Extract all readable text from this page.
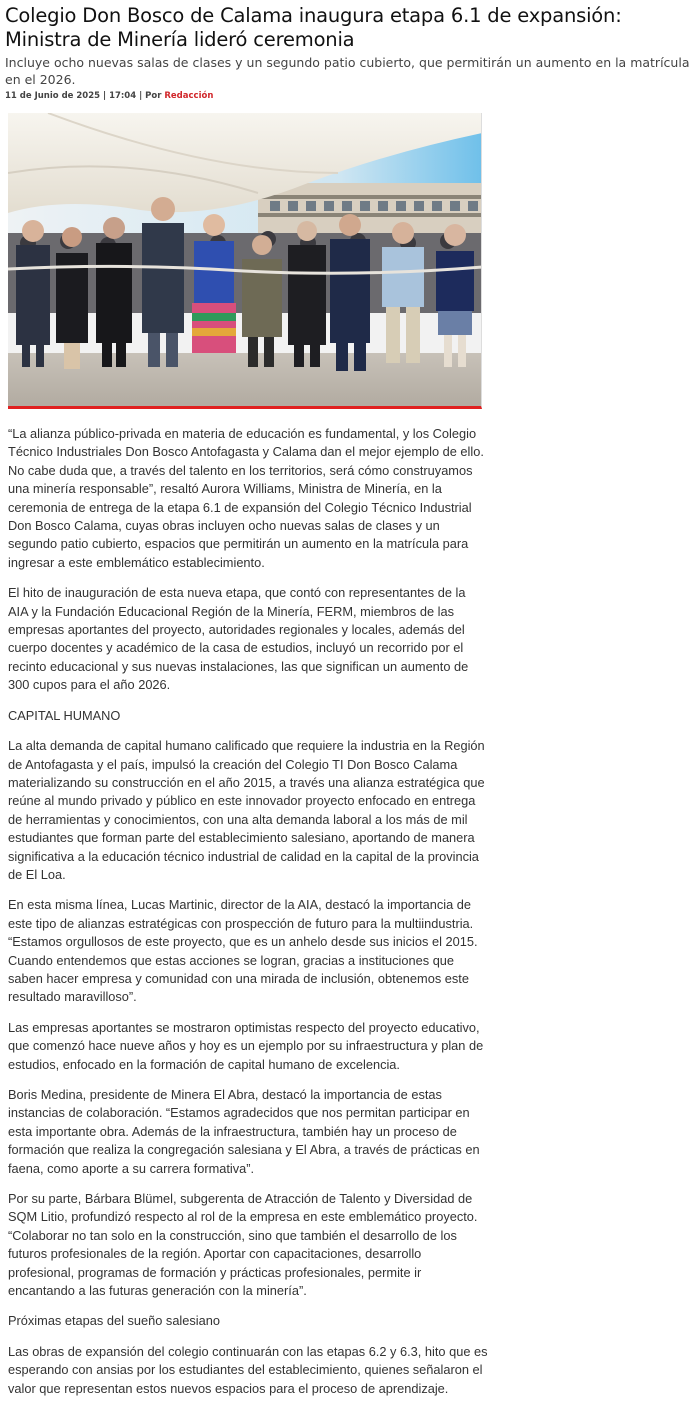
Colegio Don Bosco de Calama inaugura etapa 6.1 de expansión: Ministra de Minería lideró ceremonia
Incluye ocho nuevas salas de clases y un segundo patio cubierto, que permitirán un aumento en la matrícula en el 2026.
11 de Junio de 2025 | 17:04 | Por Redacción

“La alianza público-privada en materia de educación es fundamental, y los Colegio Técnico Industriales Don Bosco Antofagasta y Calama dan el mejor ejemplo de ello. No cabe duda que, a través del talento en los territorios, será cómo construyamos una minería responsable”, resaltó Aurora Williams, Ministra de Minería, en la ceremonia de entrega de la etapa 6.1 de expansión del Colegio Técnico Industrial Don Bosco Calama, cuyas obras incluyen ocho nuevas salas de clases y un segundo patio cubierto, espacios que permitirán un aumento en la matrícula para ingresar a este emblemático establecimiento.

El hito de inauguración de esta nueva etapa, que contó con representantes de la AIA y la Fundación Educacional Región de la Minería, FERM, miembros de las empresas aportantes del proyecto, autoridades regionales y locales, además del cuerpo docentes y académico de la casa de estudios, incluyó un recorrido por el recinto educacional y sus nuevas instalaciones, las que significan un aumento de 300 cupos para el año 2026.

CAPITAL HUMANO

La alta demanda de capital humano calificado que requiere la industria en la Región de Antofagasta y el país, impulsó la creación del Colegio TI Don Bosco Calama materializando su construcción en el año 2015, a través una alianza estratégica que reúne al mundo privado y público en este innovador proyecto enfocado en entrega de herramientas y conocimientos, con una alta demanda laboral a los más de mil estudiantes que forman parte del establecimiento salesiano, aportando de manera significativa a la educación técnico industrial de calidad en la capital de la provincia de El Loa.

En esta misma línea, Lucas Martinic, director de la AIA, destacó la importancia de este tipo de alianzas estratégicas con prospección de futuro para la multiindustria. “Estamos orgullosos de este proyecto, que es un anhelo desde sus inicios el 2015. Cuando entendemos que estas acciones se logran, gracias a instituciones que saben hacer empresa y comunidad con una mirada de inclusión, obtenemos este resultado maravilloso”.

Las empresas aportantes se mostraron optimistas respecto del proyecto educativo, que comenzó hace nueve años y hoy es un ejemplo por su infraestructura y plan de estudios, enfocado en la formación de capital humano de excelencia.

Boris Medina, presidente de Minera El Abra, destacó la importancia de estas instancias de colaboración. “Estamos agradecidos que nos permitan participar en esta importante obra. Además de la infraestructura, también hay un proceso de formación que realiza la congregación salesiana y El Abra, a través de prácticas en faena, como aporte a su carrera formativa”.

Por su parte, Bárbara Blümel, subgerenta de Atracción de Talento y Diversidad de SQM Litio, profundizó respecto al rol de la empresa en este emblemático proyecto. “Colaborar no tan solo en la construcción, sino que también el desarrollo de los futuros profesionales de la región. Aportar con capacitaciones, desarrollo profesional, programas de formación y prácticas profesionales, permite ir encantando a las futuras generación con la minería”.

Próximas etapas del sueño salesiano

Las obras de expansión del colegio continuarán con las etapas 6.2 y 6.3, hito que es esperando con ansias por los estudiantes del establecimiento, quienes señalaron el valor que representan estos nuevos espacios para el proceso de aprendizaje.
